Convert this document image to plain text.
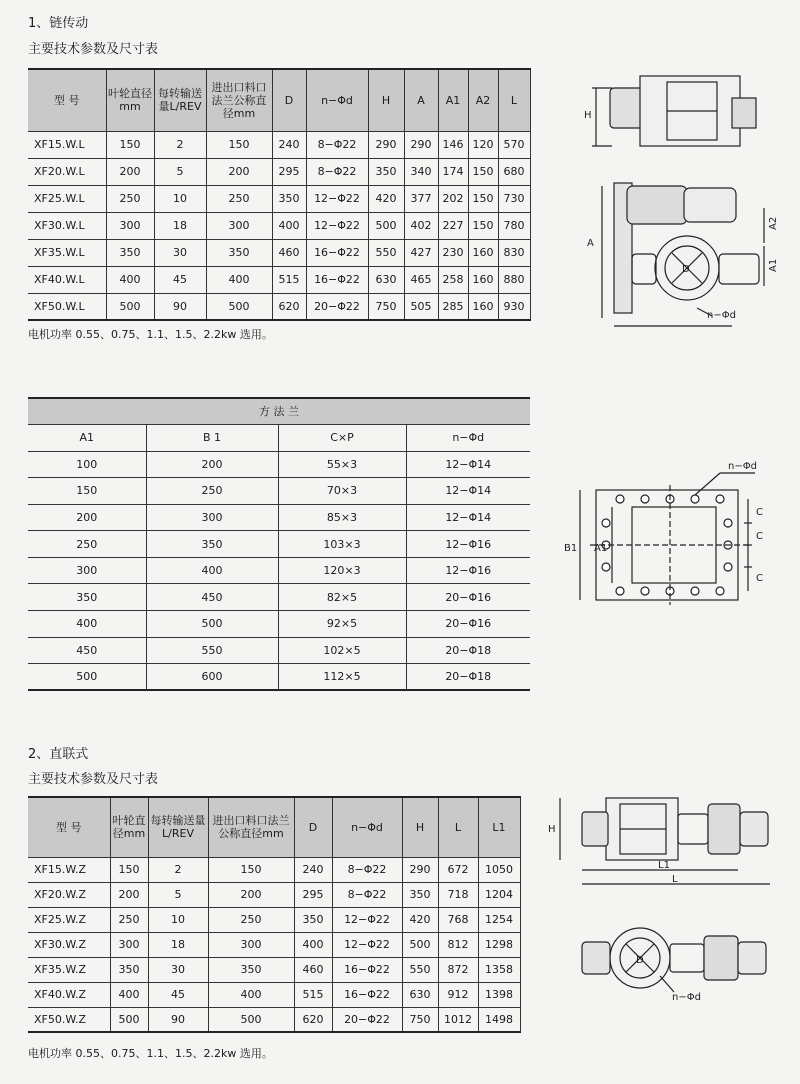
1、链传动
主要技术参数及尺寸表
型 号	叶轮直径mm	每转输送 量L/REV	进出口料口法兰公称直径mm	D	n−Φd	H	A	A1	A2	L
XF15.W.L	150	2	150	240	8−Φ22	290	290	146	120	570
XF20.W.L	200	5	200	295	8−Φ22	350	340	174	150	680
XF25.W.L	250	10	250	350	12−Φ22	420	377	202	150	730
XF30.W.L	300	18	300	400	12−Φ22	500	402	227	150	780
XF35.W.L	350	30	350	460	16−Φ22	550	427	230	160	830
XF40.W.L	400	45	400	515	16−Φ22	630	465	258	160	880
XF50.W.L	500	90	500	620	20−Φ22	750	505	285	160	930
电机功率 0.55、0.75、1.1、1.5、2.2kw 选用。
H
D
A
A2
A1
n−Φd
方 法 兰			
A1	B 1	C×P	n−Φd
100	200	55×3	12−Φ14
150	250	70×3	12−Φ14
200	300	85×3	12−Φ14
250	350	103×3	12−Φ16
300	400	120×3	12−Φ16
350	450	82×5	20−Φ16
400	500	92×5	20−Φ16
450	550	102×5	20−Φ18
500	600	112×5	20−Φ18
B1 A1
C
C
C
n−Φd
2、直联式
主要技术参数及尺寸表
型 号	叶轮直径mm	每转输送量L/REV	进出口料口法兰公称直径mm	D	n−Φd	H	L	L1
XF15.W.Z	150	2	150	240	8−Φ22	290	672	1050
XF20.W.Z	200	5	200	295	8−Φ22	350	718	1204
XF25.W.Z	250	10	250	350	12−Φ22	420	768	1254
XF30.W.Z	300	18	300	400	12−Φ22	500	812	1298
XF35.W.Z	350	30	350	460	16−Φ22	550	872	1358
XF40.W.Z	400	45	400	515	16−Φ22	630	912	1398
XF50.W.Z	500	90	500	620	20−Φ22	750	1012	1498
电机功率 0.55、0.75、1.1、1.5、2.2kw 选用。
H
L1
L
D
n−Φd
